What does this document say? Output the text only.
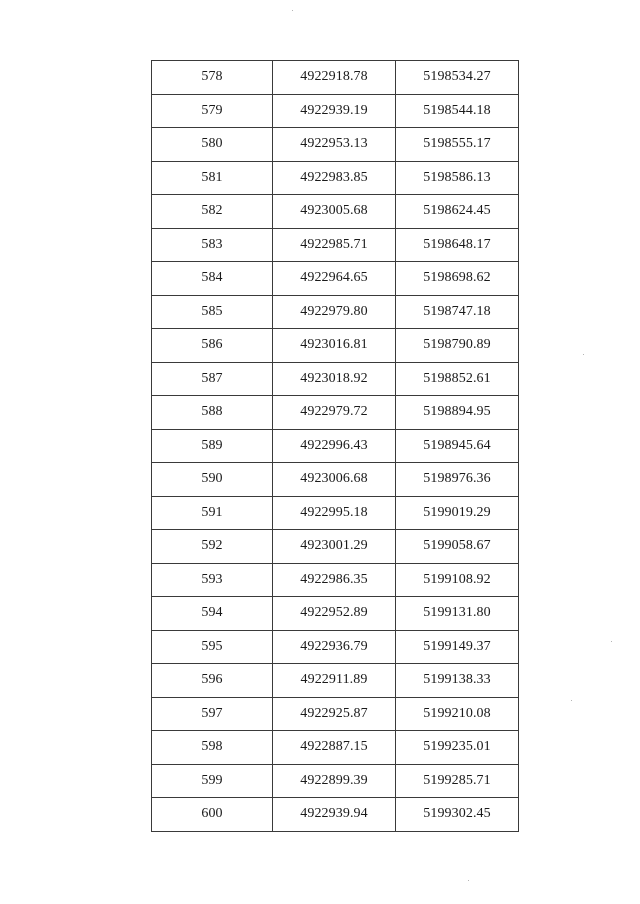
578	4922918.78	5198534.27
579	4922939.19	5198544.18
580	4922953.13	5198555.17
581	4922983.85	5198586.13
582	4923005.68	5198624.45
583	4922985.71	5198648.17
584	4922964.65	5198698.62
585	4922979.80	5198747.18
586	4923016.81	5198790.89
587	4923018.92	5198852.61
588	4922979.72	5198894.95
589	4922996.43	5198945.64
590	4923006.68	5198976.36
591	4922995.18	5199019.29
592	4923001.29	5199058.67
593	4922986.35	5199108.92
594	4922952.89	5199131.80
595	4922936.79	5199149.37
596	4922911.89	5199138.33
597	4922925.87	5199210.08
598	4922887.15	5199235.01
599	4922899.39	5199285.71
600	4922939.94	5199302.45
